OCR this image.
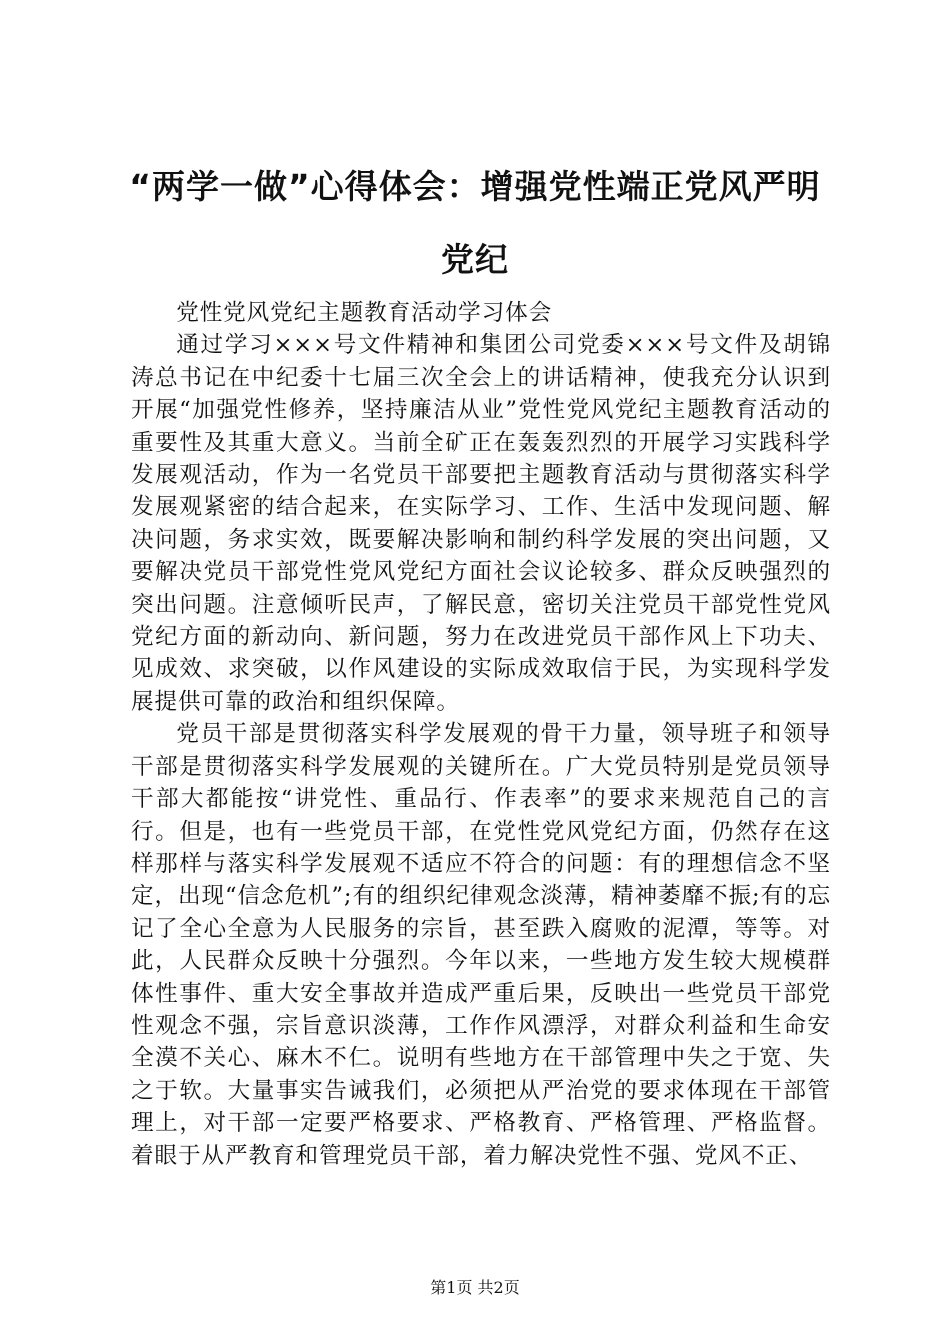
“两学一做”心得体会：增强党性端正党风严明党纪

党性党风党纪主题教育活动学习体会

通过学习×××号文件精神和集团公司党委×××号文件及胡锦涛总书记在中纪委十七届三次全会上的讲话精神，使我充分认识到开展“加强党性修养，坚持廉洁从业”党性党风党纪主题教育活动的重要性及其重大意义。当前全矿正在轰轰烈烈的开展学习实践科学发展观活动，作为一名党员干部要把主题教育活动与贯彻落实科学发展观紧密的结合起来，在实际学习、工作、生活中发现问题、解决问题，务求实效，既要解决影响和制约科学发展的突出问题，又要解决党员干部党性党风党纪方面社会议论较多、群众反映强烈的突出问题。注意倾听民声，了解民意，密切关注党员干部党性党风党纪方面的新动向、新问题，努力在改进党员干部作风上下功夫、见成效、求突破，以作风建设的实际成效取信于民，为实现科学发展提供可靠的政治和组织保障。

党员干部是贯彻落实科学发展观的骨干力量，领导班子和领导干部是贯彻落实科学发展观的关键所在。广大党员特别是党员领导干部大都能按“讲党性、重品行、作表率”的要求来规范自己的言行。但是，也有一些党员干部，在党性党风党纪方面，仍然存在这样那样与落实科学发展观不适应不符合的问题：有的理想信念不坚定，出现“信念危机”;有的组织纪律观念淡薄，精神萎靡不振;有的忘记了全心全意为人民服务的宗旨，甚至跌入腐败的泥潭，等等。对此，人民群众反映十分强烈。今年以来，一些地方发生较大规模群体性事件、重大安全事故并造成严重后果，反映出一些党员干部党性观念不强，宗旨意识淡薄，工作作风漂浮，对群众利益和生命安全漠不关心、麻木不仁。说明有些地方在干部管理中失之于宽、失之于软。大量事实告诫我们，必须把从严治党的要求体现在干部管理上，对干部一定要严格要求、严格教育、严格管理、严格监督。着眼于从严教育和管理党员干部，着力解决党性不强、党风不正、

第1页 共2页
